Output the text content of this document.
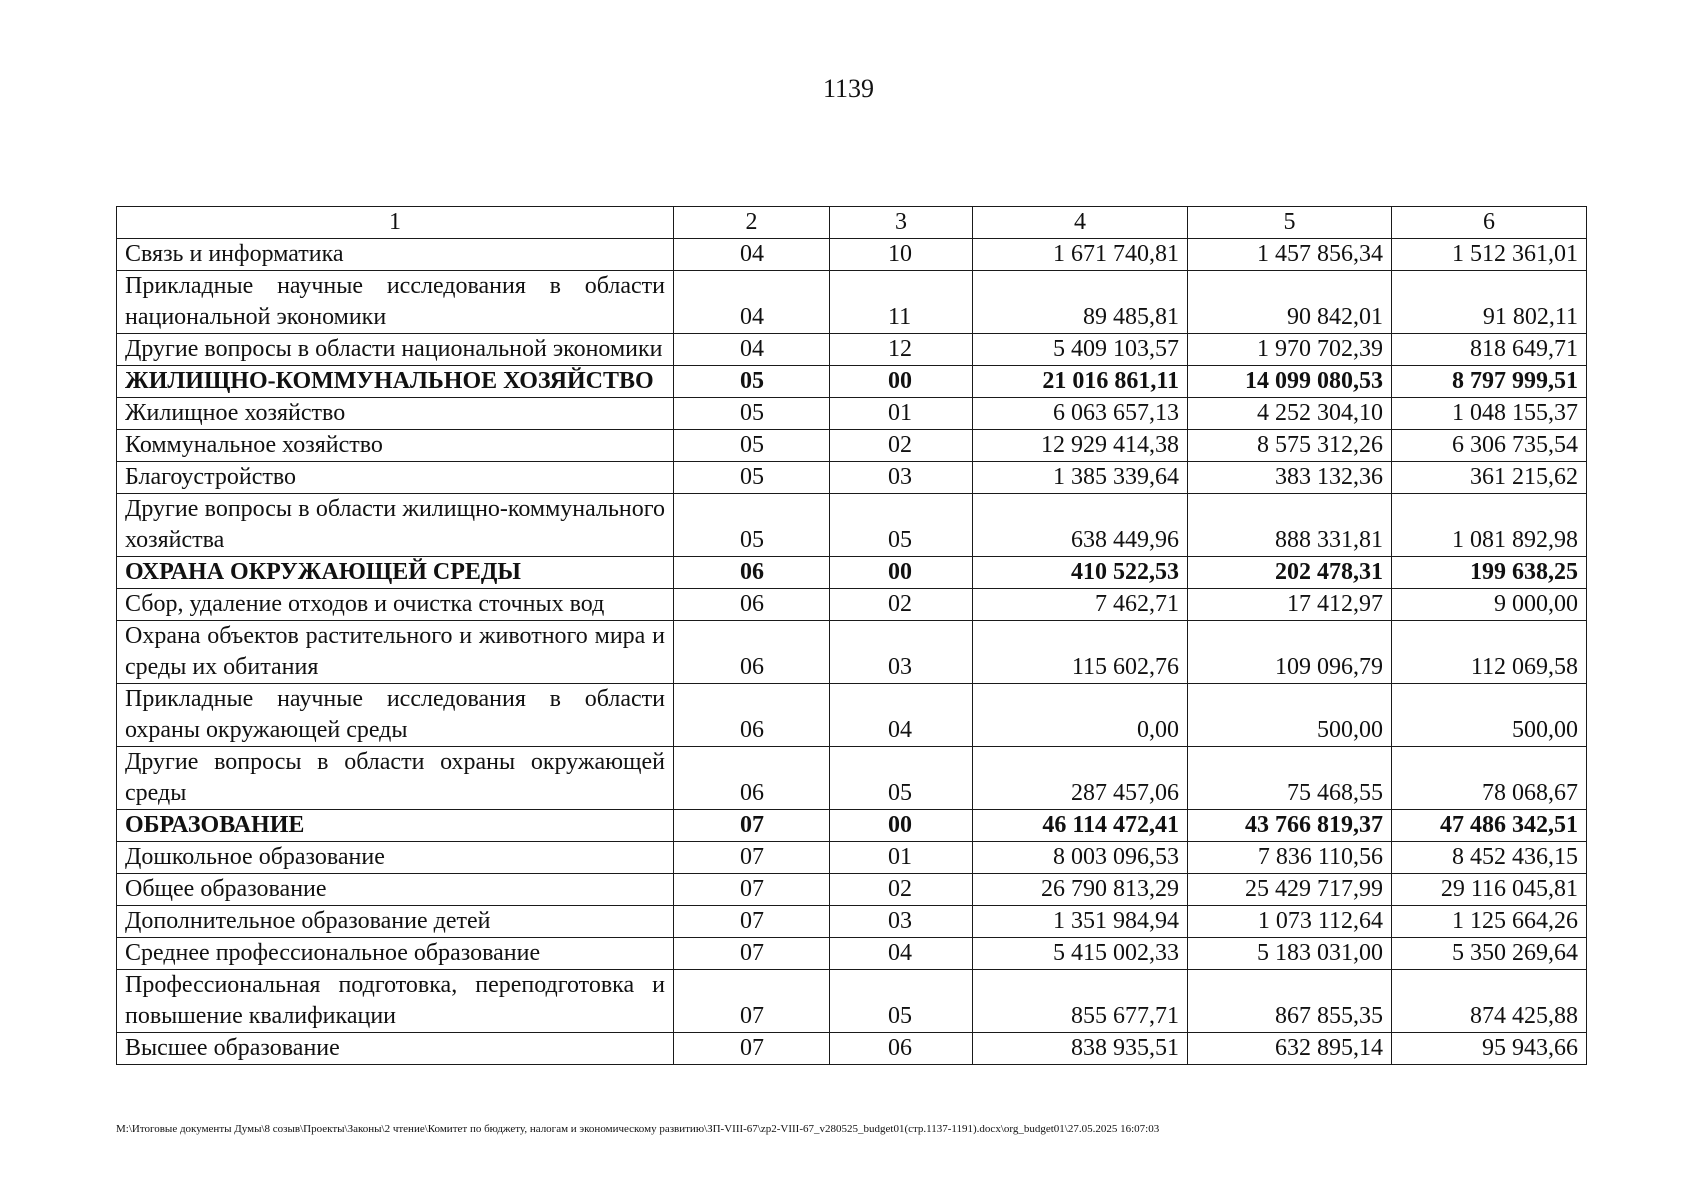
1139
1	2	3	4	5	6
Связь и информатика	04	10	1 671 740,81	1 457 856,34	1 512 361,01
Прикладные научные исследования в области национальной экономики	04	11	89 485,81	90 842,01	91 802,11
Другие вопросы в области национальной экономики	04	12	5 409 103,57	1 970 702,39	818 649,71
ЖИЛИЩНО-КОММУНАЛЬНОЕ ХОЗЯЙСТВО	05	00	21 016 861,11	14 099 080,53	8 797 999,51
Жилищное хозяйство	05	01	6 063 657,13	4 252 304,10	1 048 155,37
Коммунальное хозяйство	05	02	12 929 414,38	8 575 312,26	6 306 735,54
Благоустройство	05	03	1 385 339,64	383 132,36	361 215,62
Другие вопросы в области жилищно-коммунального хозяйства	05	05	638 449,96	888 331,81	1 081 892,98
ОХРАНА ОКРУЖАЮЩЕЙ СРЕДЫ	06	00	410 522,53	202 478,31	199 638,25
Сбор, удаление отходов и очистка сточных вод	06	02	7 462,71	17 412,97	9 000,00
Охрана объектов растительного и животного мира и среды их обитания	06	03	115 602,76	109 096,79	112 069,58
Прикладные научные исследования в области охраны окружающей среды	06	04	0,00	500,00	500,00
Другие вопросы в области охраны окружающей среды	06	05	287 457,06	75 468,55	78 068,67
ОБРАЗОВАНИЕ	07	00	46 114 472,41	43 766 819,37	47 486 342,51
Дошкольное образование	07	01	8 003 096,53	7 836 110,56	8 452 436,15
Общее образование	07	02	26 790 813,29	25 429 717,99	29 116 045,81
Дополнительное образование детей	07	03	1 351 984,94	1 073 112,64	1 125 664,26
Среднее профессиональное образование	07	04	5 415 002,33	5 183 031,00	5 350 269,64
Профессиональная подготовка, переподготовка и повышение квалификации	07	05	855 677,71	867 855,35	874 425,88
Высшее образование	07	06	838 935,51	632 895,14	95 943,66
M:\Итоговые документы Думы\8 созыв\Проекты\Законы\2 чтение\Комитет по бюджету, налогам и экономическому развитию\ЗП-VIII-67\zp2-VIII-67_v280525_budget01(стр.1137-1191).docx\org_budget01\27.05.2025 16:07:03
